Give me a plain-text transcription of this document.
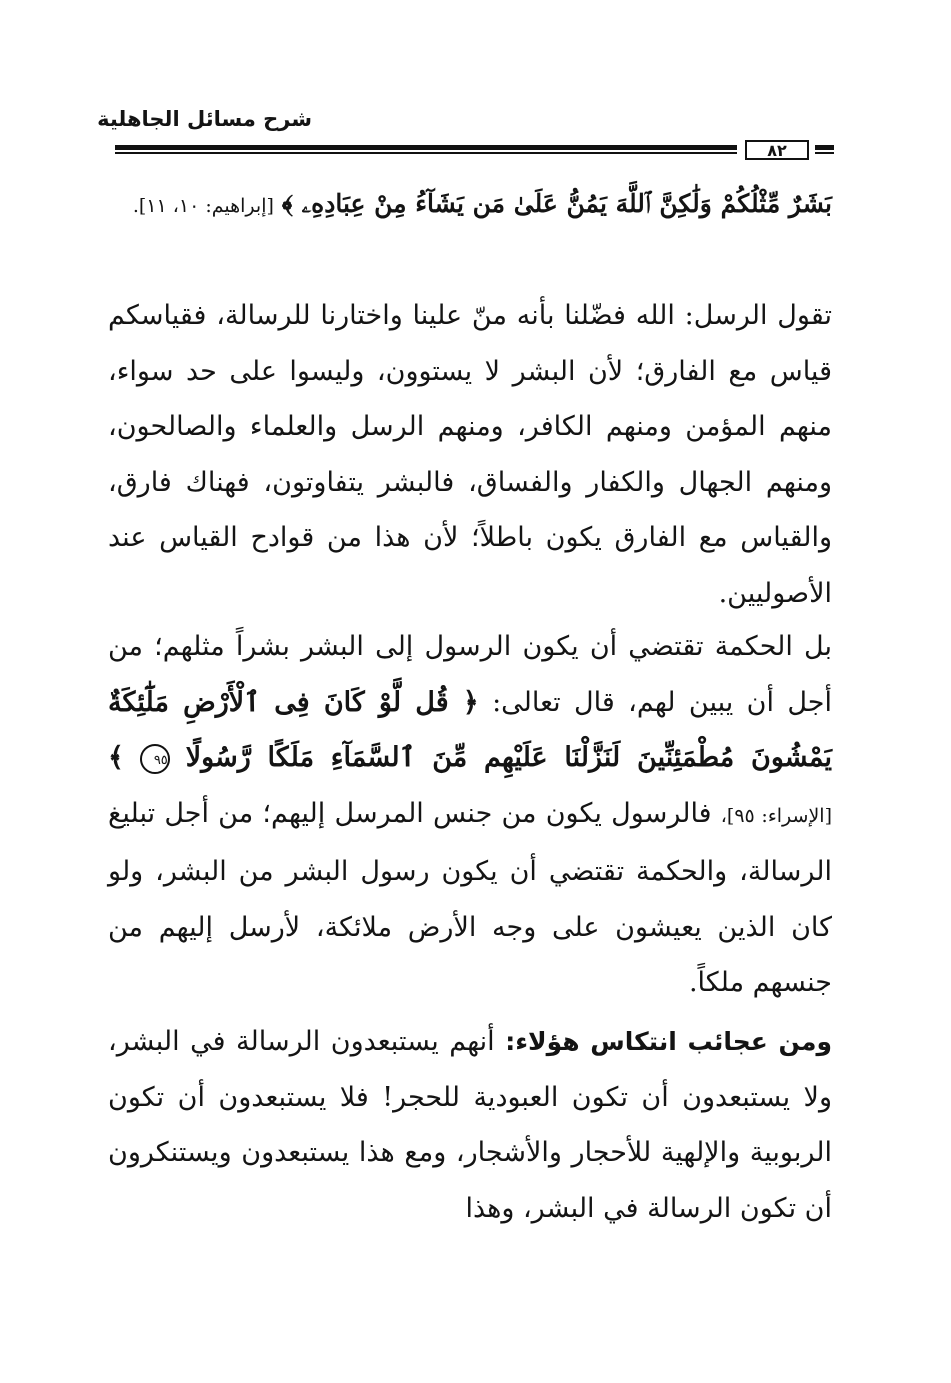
شرح مسائل الجاهلية
٨٢

بَشَرٌ مِّثْلُكُمْ وَلَٰكِنَّ ٱللَّهَ يَمُنُّ عَلَىٰ مَن يَشَآءُ مِنْ عِبَادِهِۦ ﴾ [إبراهيم: ١٠، ١١].

تقول الرسل: الله فضّلنا بأنه منّ علينا واختارنا للرسالة، فقياسكم قياس مع الفارق؛ لأن البشر لا يستوون، وليسوا على حد سواء، منهم المؤمن ومنهم الكافر، ومنهم الرسل والعلماء والصالحون، ومنهم الجهال والكفار والفساق، فالبشر يتفاوتون، فهناك فارق، والقياس مع الفارق يكون باطلاً؛ لأن هذا من قوادح القياس عند الأصوليين.

بل الحكمة تقتضي أن يكون الرسول إلى البشر بشراً مثلهم؛ من أجل أن يبين لهم، قال تعالى: ﴿ قُل لَّوْ كَانَ فِى ٱلْأَرْضِ مَلَٰٓئِكَةٌ يَمْشُونَ مُطْمَئِنِّينَ لَنَزَّلْنَا عَلَيْهِم مِّنَ ٱلسَّمَآءِ مَلَكًا رَّسُولًا ٩٥ ﴾ [الإسراء: ٩٥]، فالرسول يكون من جنس المرسل إليهم؛ من أجل تبليغ الرسالة، والحكمة تقتضي أن يكون رسول البشر من البشر، ولو كان الذين يعيشون على وجه الأرض ملائكة، لأرسل إليهم من جنسهم ملكاً.

ومن عجائب انتكاس هؤلاء: أنهم يستبعدون الرسالة في البشر، ولا يستبعدون أن تكون العبودية للحجر! فلا يستبعدون أن تكون الربوبية والإلهية للأحجار والأشجار، ومع هذا يستبعدون ويستنكرون أن تكون الرسالة في البشر، وهذا
